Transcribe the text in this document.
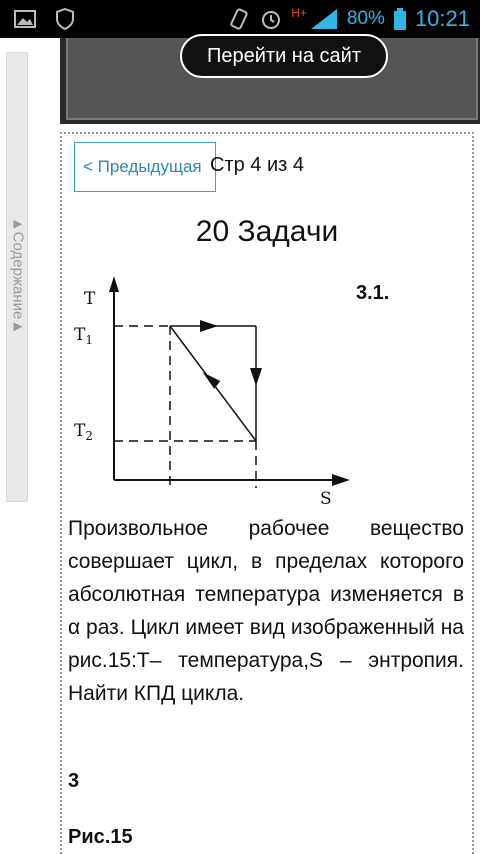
H+ 80% 10:21
Перейти на сайт
▲Содержание▲
< Предыдущая Стр 4 из 4
20 Задачи
T
S
$T_1$
$T_2$
3.1.
Произвольное рабочее вещество совершает цикл, в пределах которого абсолютная температура изменяется в α раз. Цикл имеет вид изображенный на рис.15:Т– температура,S – энтропия. Найти КПД цикла.
3
Рис.15
